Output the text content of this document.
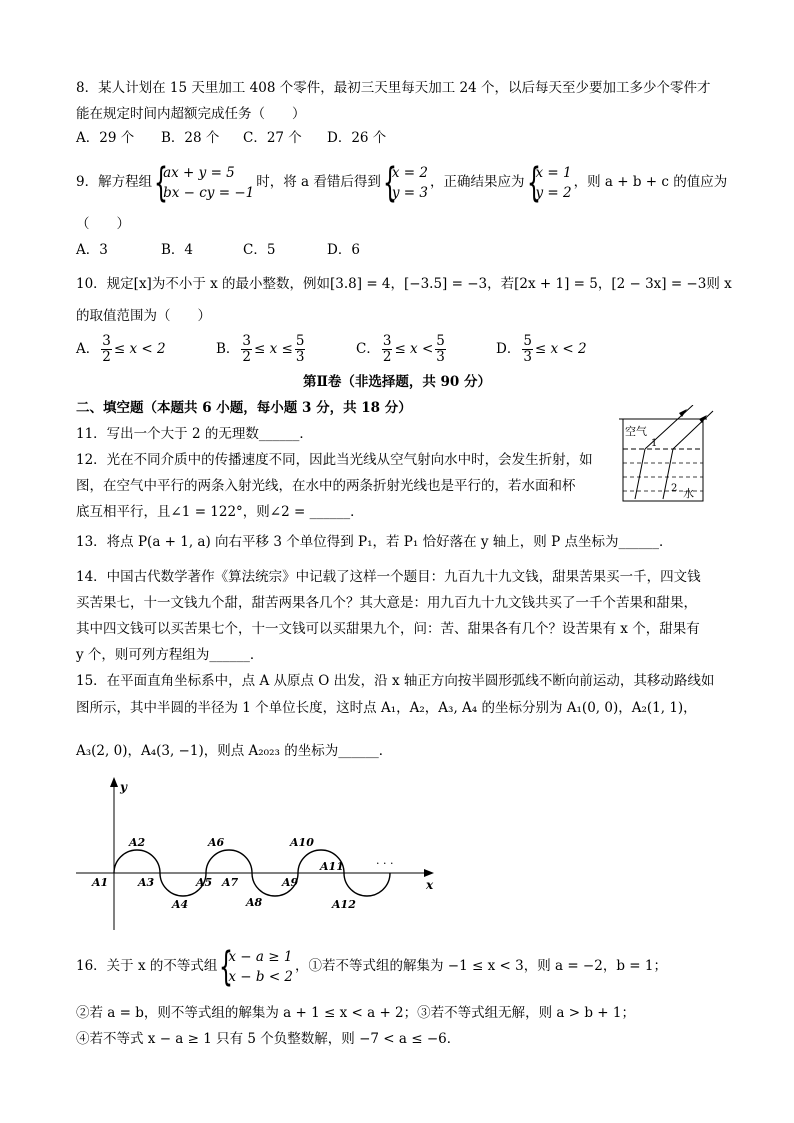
8．某人计划在 15 天里加工 408 个零件，最初三天里每天加工 24 个，以后每天至少要加工多少个零件才
能在规定时间内超额完成任务（　　）
A．29 个 B．28 个 C．27 个 D．26 个
9．解方程组 {
ax + y = 5
bx − cy = −1
时，将 a 看错后得到 {
x = 2
y = 3
，正确结果应为 {
x = 1
y = 2
，则 a + b + c 的值应为
（　　）
A．3	B．4	C．5	D．6
10．规定[x]为不小于 x 的最小整数，例如[3.8] = 4，[−3.5] = −3，若[2x + 1] = 5，[2 − 3x] = −3则 x
的取值范围为（　　）
A． $\frac{3}{2} \le x < 2$	B． $\frac{3}{2} \le x \le \frac{5}{3}$	C． $\frac{3}{2} \le x < \frac{5}{3}$	D． $\frac{5}{3} \le x < 2$
第Ⅱ卷（非选择题，共 90 分）
二、填空题（本题共 6 小题，每小题 3 分，共 18 分）
11．写出一个大于 2 的无理数______．
12．光在不同介质中的传播速度不同，因此当光线从空气射向水中时，会发生折射，如
图，在空气中平行的两条入射光线，在水中的两条折射光线也是平行的，若水面和杯
底互相平行，且∠1 = 122°，则∠2 = ______．
空气
1
2 水
13．将点 P(a + 1, a) 向右平移 3 个单位得到 P₁，若 P₁ 恰好落在 y 轴上，则 P 点坐标为______．
14．中国古代数学著作《算法统宗》中记载了这样一个题目：九百九十九文钱，甜果苦果买一千，四文钱
买苦果七，十一文钱九个甜，甜苦两果各几个？其大意是：用九百九十九文钱共买了一千个苦果和甜果，
其中四文钱可以买苦果七个，十一文钱可以买甜果九个，问：苦、甜果各有几个？设苦果有 x 个，甜果有
y 个，则可列方程组为______．
15．在平面直角坐标系中，点 A 从原点 O 出发，沿 x 轴正方向按半圆形弧线不断向前运动，其移动路线如
图所示，其中半圆的半径为 1 个单位长度，这时点 A₁，A₂，A₃, A₄ 的坐标分别为 A₁(0, 0)，A₂(1, 1)，
A₃(2, 0)，A₄(3, −1)，则点 A₂₀₂₃ 的坐标为______．
y
x
· · ·
A1
A2
A3
A4
A5
A6
A7
A8
A9
A10
A11
A12
16．关于 x 的不等式组 {
x − a ≥ 1
x − b < 2
，①若不等式组的解集为 −1 ≤ x < 3，则 a = −2，b = 1；
②若 a = b，则不等式组的解集为 a + 1 ≤ x < a + 2；③若不等式组无解，则 a > b + 1；
④若不等式 x − a ≥ 1 只有 5 个负整数解，则 −7 < a ≤ −6．
